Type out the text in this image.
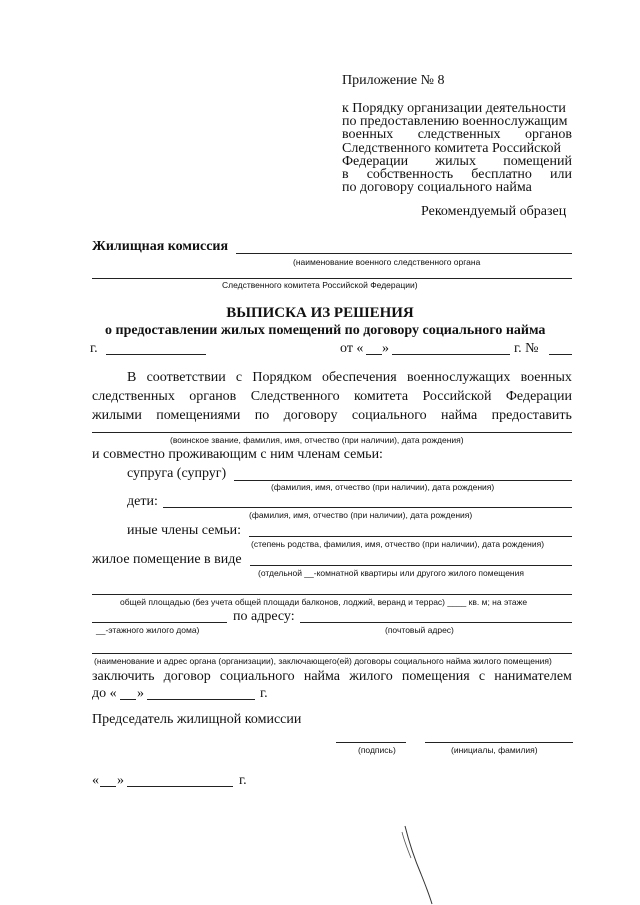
Приложение № 8
к Порядку организации деятельности
по предоставлению военнослужащим
военных следственных органов
Следственного комитета Российской
Федерации жилых помещений
в собственность бесплатно или
по договору социального найма
Рекомендуемый образец
Жилищная комиссия
(наименование военного следственного органа
Следственного комитета Российской Федерации)
ВЫПИСКА ИЗ РЕШЕНИЯ
о предоставлении жилых помещений по договору социального найма
г.	от « »	г. №
В соответствии с Порядком обеспечения военнослужащих военных
следственных органов Следственного комитета Российской Федерации
жилыми помещениями по договору социального найма предоставить
(воинское звание, фамилия, имя, отчество (при наличии), дата рождения)
и совместно проживающим с ним членам семьи:
супруга (супруг)
(фамилия, имя, отчество (при наличии), дата рождения)
дети:
(фамилия, имя, отчество (при наличии), дата рождения)
иные члены семьи:
(степень родства, фамилия, имя, отчество (при наличии), дата рождения)
жилое помещение в виде
(отдельной __-комнатной квартиры или другого жилого помещения
общей площадью (без учета общей площади балконов, лоджий, веранд и террас) ____ кв. м; на этаже
по адресу:
__-этажного жилого дома)	(почтовый адрес)
(наименование и адрес органа (организации), заключающего(ей) договоры социального найма жилого помещения)
заключить договор социального найма жилого помещения с нанимателем
до « »	г.
Председатель жилищной комиссии
(подпись)	(инициалы, фамилия)
« »	г.
